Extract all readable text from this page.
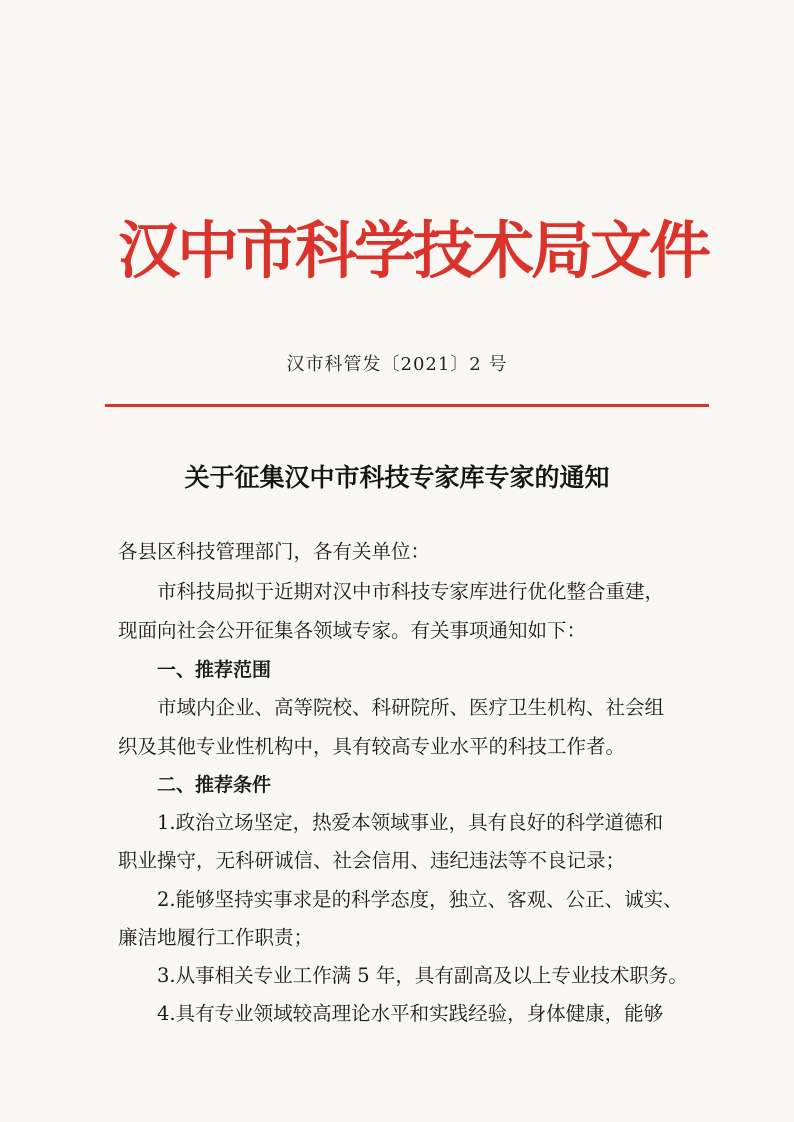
汉中市科学技术局文件
汉市科管发〔2021〕2 号
关于征集汉中市科技专家库专家的通知
各县区科技管理部门，各有关单位：
市科技局拟于近期对汉中市科技专家库进行优化整合重建，
现面向社会公开征集各领域专家。有关事项通知如下：
一、推荐范围
市域内企业、高等院校、科研院所、医疗卫生机构、社会组
织及其他专业性机构中，具有较高专业水平的科技工作者。
二、推荐条件
1.政治立场坚定，热爱本领域事业，具有良好的科学道德和
职业操守，无科研诚信、社会信用、违纪违法等不良记录；
2.能够坚持实事求是的科学态度，独立、客观、公正、诚实、
廉洁地履行工作职责；
3.从事相关专业工作满 5 年，具有副高及以上专业技术职务。
4.具有专业领域较高理论水平和实践经验，身体健康，能够
